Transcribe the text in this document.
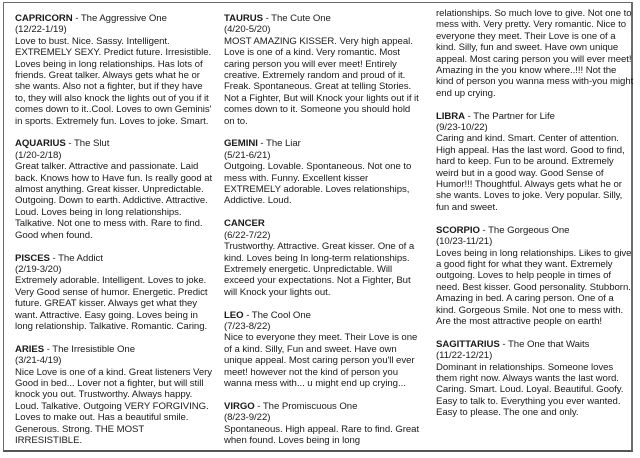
CAPRICORN - The Aggressive One
(12/22-1/19)
Love to bust. Nice. Sassy. Intelligent. EXTREMELY SEXY. Predict future. Irresistible. Loves being in long relationships. Has lots of friends. Great talker. Always gets what he or she wants. Also not a fighter, but if they have to, they will also knock the lights out of you if it comes down to it..Cool. Loves to own Geminis' in sports. Extremely fun. Loves to joke. Smart.
AQUARIUS - The Slut
(1/20-2/18)
Great talker. Attractive and passionate. Laid back. Knows how to Have fun. Is really good at almost anything. Great kisser. Unpredictable. Outgoing. Down to earth. Addictive. Attractive. Loud. Loves being in long relationships. Talkative. Not one to mess with. Rare to find. Good when found.
PISCES - The Addict
(2/19-3/20)
Extremely adorable. Intelligent. Loves to joke. Very Good sense of humor. Energetic. Predict future. GREAT kisser. Always get what they want. Attractive. Easy going. Loves being in long relationship. Talkative. Romantic. Caring.
ARIES - The Irresistible One
(3/21-4/19)
Nice Love is one of a kind. Great listeners Very Good in bed... Lover not a fighter, but will still knock you out. Trustworthy. Always happy. Loud. Talkative. Outgoing VERY FORGIVING. Loves to make out. Has a beautiful smile. Generous. Strong. THE MOST IRRESISTIBLE.
TAURUS - The Cute One
(4/20-5/20)
MOST AMAZING KISSER. Very high appeal. Love is one of a kind. Very romantic. Most caring person you will ever meet! Entirely creative. Extremely random and proud of it. Freak. Spontaneous. Great at telling Stories. Not a Fighter, But will Knock your lights out if it comes down to it. Someone you should hold on to.
GEMINI - The Liar
(5/21-6/21)
Outgoing. Lovable. Spontaneous. Not one to mess with. Funny. Excellent kisser EXTREMELY adorable. Loves relationships, Addictive. Loud.
CANCER
(6/22-7/22)
Trustworthy. Attractive. Great kisser. One of a kind. Loves being In long-term relationships. Extremely energetic. Unpredictable. Will exceed your expectations. Not a Fighter, But will Knock your lights out.
LEO - The Cool One
(7/23-8/22)
Nice to everyone they meet. Their Love is one of a kind. Silly, Fun and sweet. Have own unique appeal. Most caring person you'll ever meet! however not the kind of person you wanna mess with... u might end up crying...
VIRGO - The Promiscuous One
(8/23-9/22)
Spontaneous. High appeal. Rare to find. Great when found. Loves being in long
relationships. So much love to give. Not one to mess with. Very pretty. Very romantic. Nice to everyone they meet. Their Love is one of a kind. Silly, fun and sweet. Have own unique appeal. Most caring person you will ever meet! Amazing in the you know where..!!! Not the kind of person you wanna mess with-you might end up crying.
LIBRA - The Partner for Life
(9/23-10/22)
Caring and kind. Smart. Center of attention. High appeal. Has the last word. Good to find, hard to keep. Fun to be around. Extremely weird but in a good way. Good Sense of Humor!!! Thoughtful. Always gets what he or she wants. Loves to joke. Very popular. Silly, fun and sweet.
SCORPIO - The Gorgeous One
(10/23-11/21)
Loves being in long relationships. Likes to give a good fight for what they want. Extremely outgoing. Loves to help people in times of need. Best kisser. Good personality. Stubborn. Amazing in bed. A caring person. One of a kind. Gorgeous Smile. Not one to mess with. Are the most attractive people on earth!
SAGITTARIUS - The One that Waits
(11/22-12/21)
Dominant in relationships. Someone loves them right now. Always wants the last word. Caring. Smart. Loud. Loyal. Beautiful. Goofy. Easy to talk to. Everything you ever wanted. Easy to please. The one and only.
